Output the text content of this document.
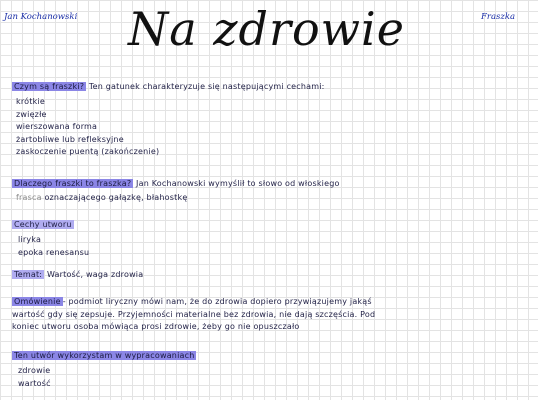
Jan Kochanowski Na zdrowie	Fraszka
Czym są fraszki? Ten gatunek charakteryzuje się następującymi cechami:
krótkie
zwięzłe
wierszowana forma
żartobliwe lub refleksyjne
zaskoczenie puentą (zakończenie)
Dlaczego fraszki to fraszka? Jan Kochanowski wymyślił to słowo od włoskiego
frasca oznaczającego gałązkę, błahostkę
Cechy utworu
liryka
epoka renesansu
Temat: Wartość, waga zdrowia
Omówienie - podmiot liryczny mówi nam, że do zdrowia dopiero przywiązujemy jakąś
wartość gdy się zepsuje. Przyjemności materialne bez zdrowia, nie dają szczęścia. Pod
koniec utworu osoba mówiąca prosi zdrowie, żeby go nie opuszczało
Ten utwór wykorzystam w wypracowaniach
zdrowie
wartość
